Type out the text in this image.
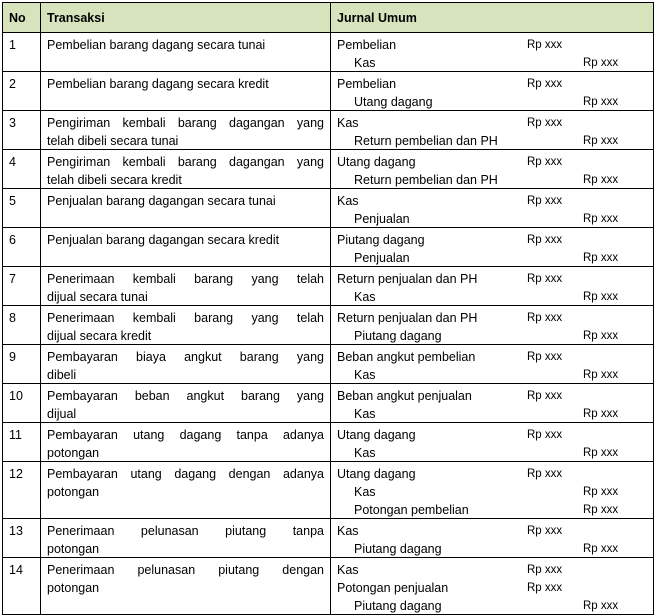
No	Transaksi	Jurnal Umum
1	Pembelian barang dagang secara tunai	Pembelian	Rp xxx
Kas	Rp xxx
2	Pembelian barang dagang secara kredit	Pembelian	Rp xxx
Utang dagang	Rp xxx
3	Pengiriman kembali barang dagangan yang
telah dibeli secara tunai
Kas	Rp xxx
Return pembelian dan PH	Rp xxx
4	Pengiriman kembali barang dagangan yang
telah dibeli secara kredit
Utang dagang	Rp xxx
Return pembelian dan PH	Rp xxx
5	Penjualan barang dagangan secara tunai	Kas	Rp xxx
Penjualan	Rp xxx
6	Penjualan barang dagangan secara kredit	Piutang dagang	Rp xxx
Penjualan	Rp xxx
7	Penerimaan kembali barang yang telah
dijual secara tunai
Return penjualan dan PH	Rp xxx
Kas	Rp xxx
8	Penerimaan kembali barang yang telah
dijual secara kredit
Return penjualan dan PH	Rp xxx
Piutang dagang	Rp xxx
9	Pembayaran biaya angkut barang yang
dibeli
Beban angkut pembelian	Rp xxx
Kas	Rp xxx
10	Pembayaran beban angkut barang yang
dijual
Beban angkut penjualan	Rp xxx
Kas	Rp xxx
11	Pembayaran utang dagang tanpa adanya
potongan
Utang dagang	Rp xxx
Kas	Rp xxx
12	Pembayaran utang dagang dengan adanya
potongan
Utang dagang	Rp xxx
Kas	Rp xxx
Potongan pembelian	Rp xxx
13	Penerimaan pelunasan piutang tanpa
potongan
Kas	Rp xxx
Piutang dagang	Rp xxx
14	Penerimaan pelunasan piutang dengan
potongan
Kas	Rp xxx
Potongan penjualan	Rp xxx
Piutang dagang	Rp xxx
